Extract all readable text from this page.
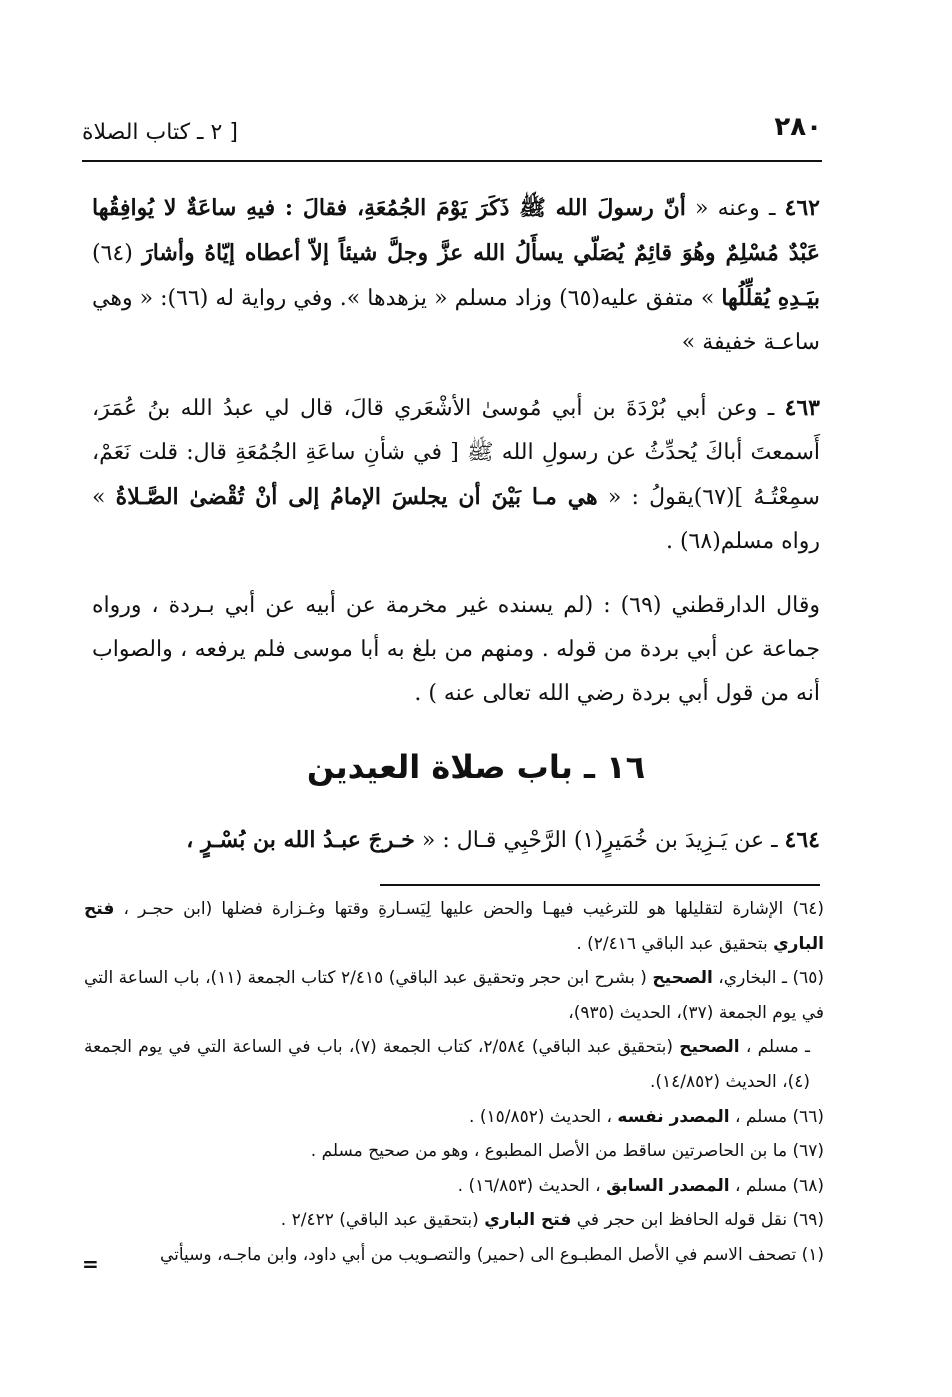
٢٨٠
[ ٢ ـ كتاب الصلاة
٤٦٢ ـ وعنه « أنّ رسولَ الله ﷺ ذَكَرَ يَوْمَ الجُمُعَةِ، فقالَ : فيهِ ساعَةٌ لا يُوافِقُها عَبْدٌ مُسْلِمٌ وهُوَ قائِمٌ يُصَلّي يسأَلُ الله عزَّ وجلَّ شيئاً إلاّ أعطاه إيّاهُ وأشارَ (٦٤) بيَـدِهِ يُقلِّلُها » متفق عليه(٦٥) وزاد مسلم « يزهدها ». وفي رواية له (٦٦): « وهي ساعـة خفيفة »
٤٦٣ ـ وعن أبي بُرْدَةَ بن أبي مُوسىٰ الأشْعَري قالَ، قال لي عبدُ الله بنُ عُمَرَ، أَسمعتَ أباكَ يُحدِّثُ عن رسولِ الله ﷺ [ في شأنِ ساعَةِ الجُمُعَةِ قال: قلت نَعَمْ، سمِعْتُـهُ ](٦٧)يقولُ : « هي مـا بَيْنَ أن يجلسَ الإمامُ إلى أنْ تُقْضىٰ الصَّـلاةُ » رواه مسلم(٦٨) .
وقال الدارقطني (٦٩) : (لم يسنده غير مخرمة عن أبيه عن أبي بـردة ، ورواه جماعة عن أبي بردة من قوله . ومنهم من بلغ به أبا موسى فلم يرفعه ، والصواب أنه من قول أبي بردة رضي الله تعالى عنه ) .
١٦ ـ باب صلاة العيدين
٤٦٤ ـ عن يَـزِيدَ بن خُمَيرٍ(١) الرَّحْبِي قـال : « خـرجَ عبـدُ الله بن بُسْـرٍ ،
(٦٤) الإشارة لتقليلها هو للترغيب فيهـا والحض عليها لِيَسـارةِ وقتها وغـزارة فضلها (ابن حجـر ، فتح الباري بتحقيق عبد الباقي ٢/٤١٦) .
(٦٥) ـ البخاري، الصحيح ( بشرح ابن حجر وتحقيق عبد الباقي) ٢/٤١٥ كتاب الجمعة (١١)، باب الساعة التي في يوم الجمعة (٣٧)، الحديث (٩٣٥)،
ـ مسلم ، الصحيح (بتحقيق عبد الباقي) ٢/٥٨٤، كتاب الجمعة (٧)، باب في الساعة التي في يوم الجمعة (٤)، الحديث (١٤/٨٥٢).
(٦٦) مسلم ، المصدر نفسه ، الحديث (١٥/٨٥٢) .
(٦٧) ما بن الحاصرتين ساقط من الأصل المطبوع ، وهو من صحيح مسلم .
(٦٨) مسلم ، المصدر السابق ، الحديث (١٦/٨٥٣) .
(٦٩) نقل قوله الحافظ ابن حجر في فتح الباري (بتحقيق عبد الباقي) ٢/٤٢٢ .
(١) تصحف الاسم في الأصل المطبـوع الى (حمير) والتصـويب من أبي داود، وابن ماجـه، وسيأتي
=
